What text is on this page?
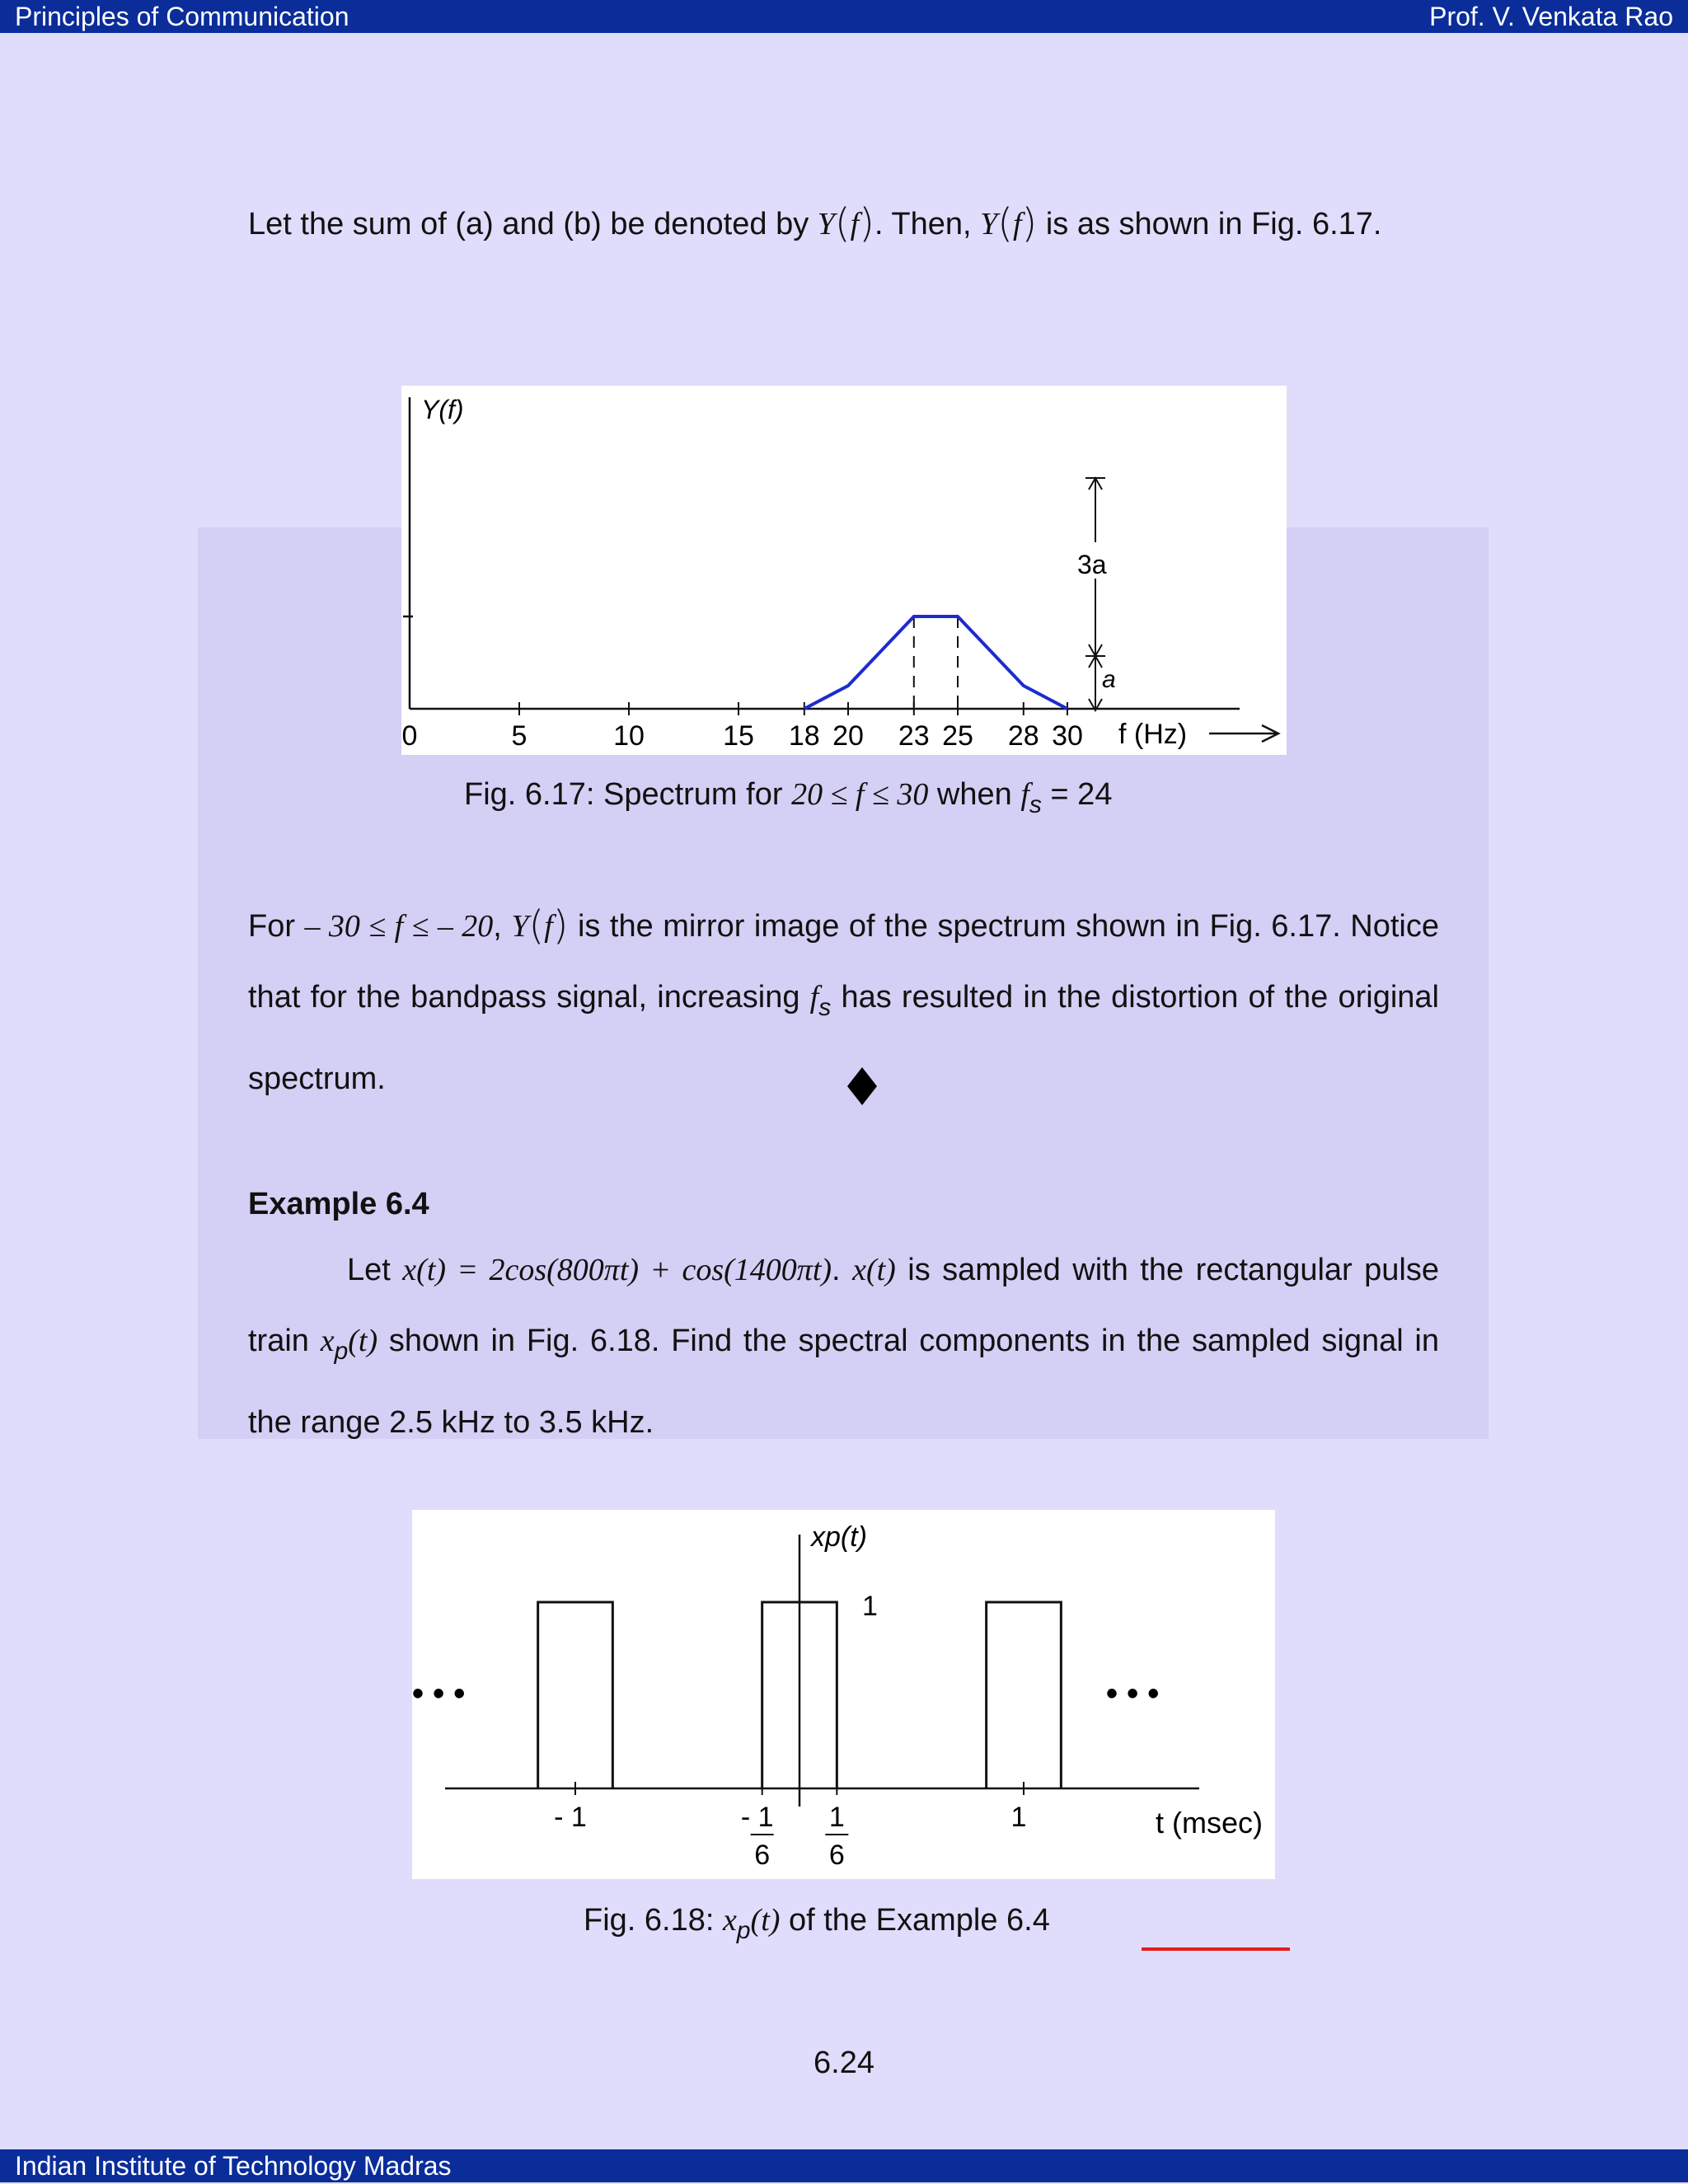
Principles of Communication	Prof. V. Venkata Rao
Indian Institute of Technology Madras
Let the sum of (a) and (b) be denoted by Y(f). Then, Y(f) is as shown in Fig. 6.17.
0	5	10	15 18 20 23 25 28 30
Y(f)
f (Hz)
3a
a
Fig. 6.17: Spectrum for 20 ≤ f ≤ 30 when $f_s = 24$
For – 30 ≤ f ≤ – 20, Y(f) is the mirror image of the spectrum shown in Fig. 6.17. Notice that for the bandpass signal, increasing $f_s$ has resulted in the distortion of the original spectrum.
Example 6.4
Let x(t) = 2cos(800πt) + cos(1400πt). x(t) is sampled with the rectangular pulse train $x_p(t)$ shown in Fig. 6.18. Find the spectral components in the sampled signal in the range 2.5 kHz to 3.5 kHz.
- 1	- 1
6
1
6
1
xp(t)
1
• • •	• • •
t (msec)
Fig. 6.18: $x_p(t)$ of the Example 6.4
6.24
